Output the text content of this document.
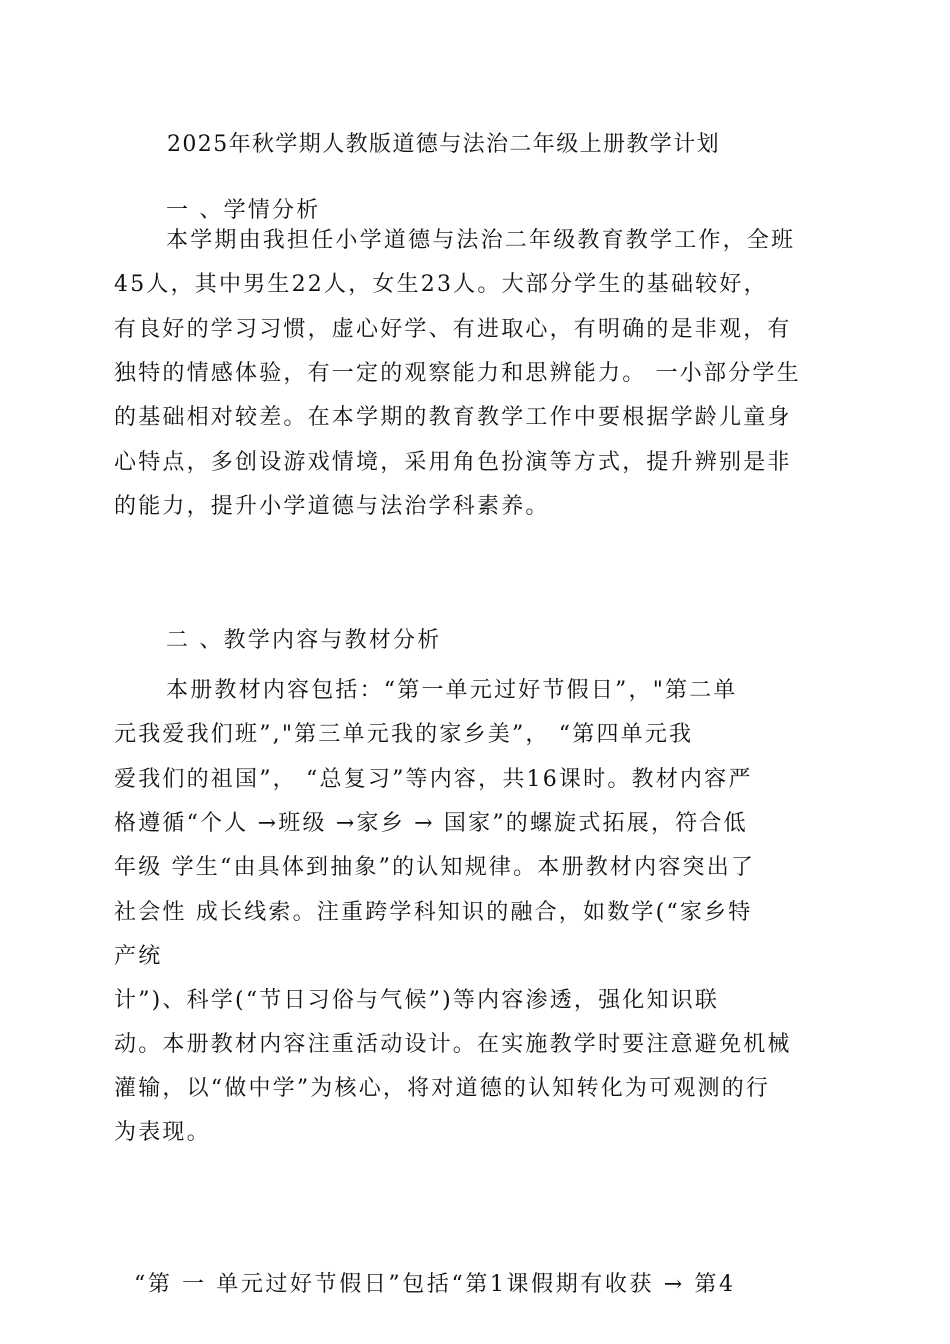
2025年秋学期人教版道德与法治二年级上册教学计划
一 、学情分析
本学期由我担任小学道德与法治二年级教育教学工作，全班
45人，其中男生22人，女生23人。大部分学生的基础较好，
有良好的学习习惯，虚心好学、有进取心，有明确的是非观，有
独特的情感体验，有一定的观察能力和思辨能力。 一小部分学生
的基础相对较差。在本学期的教育教学工作中要根据学龄儿童身
心特点，多创设游戏情境，采用角色扮演等方式，提升辨别是非
的能力，提升小学道德与法治学科素养。
二 、教学内容与教材分析
本册教材内容包括：“第一单元过好节假日”，"第二单
元我爱我们班”,"第三单元我的家乡美”， “第四单元我
爱我们的祖国”， “总复习”等内容，共16课时。教材内容严
格遵循“个人 →班级 →家乡 → 国家”的螺旋式拓展，符合低
年级 学生“由具体到抽象”的认知规律。本册教材内容突出了
社会性 成长线索。注重跨学科知识的融合，如数学(“家乡特
产统
计”)、科学(“节日习俗与气候”)等内容渗透，强化知识联
动。本册教材内容注重活动设计。在实施教学时要注意避免机械
灌输，以“做中学”为核心，将对道德的认知转化为可观测的行
为表现。
“第 一 单元过好节假日”包括“第1课假期有收获 → 第4
